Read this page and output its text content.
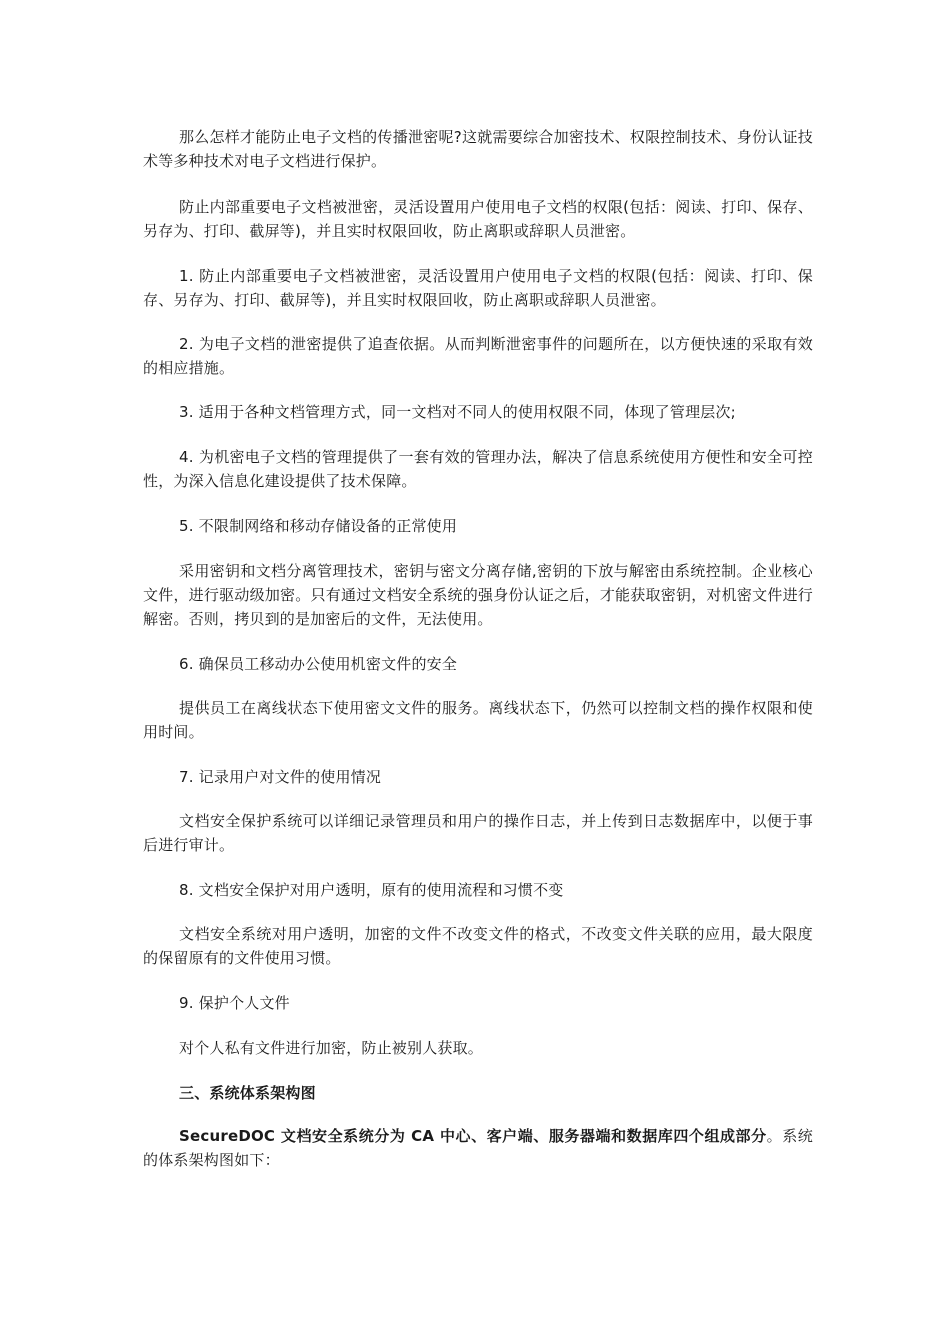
那么怎样才能防止电子文档的传播泄密呢?这就需要综合加密技术、权限控制技术、身份认证技术等多种技术对电子文档进行保护。

防止内部重要电子文档被泄密，灵活设置用户使用电子文档的权限(包括：阅读、打印、保存、另存为、打印、截屏等)，并且实时权限回收，防止离职或辞职人员泄密。

1. 防止内部重要电子文档被泄密，灵活设置用户使用电子文档的权限(包括：阅读、打印、保存、另存为、打印、截屏等)，并且实时权限回收，防止离职或辞职人员泄密。

2. 为电子文档的泄密提供了追查依据。从而判断泄密事件的问题所在，以方便快速的采取有效的相应措施。

3. 适用于各种文档管理方式，同一文档对不同人的使用权限不同，体现了管理层次;

4. 为机密电子文档的管理提供了一套有效的管理办法，解决了信息系统使用方便性和安全可控性，为深入信息化建设提供了技术保障。

5. 不限制网络和移动存储设备的正常使用

采用密钥和文档分离管理技术，密钥与密文分离存储,密钥的下放与解密由系统控制。企业核心文件，进行驱动级加密。只有通过文档安全系统的强身份认证之后，才能获取密钥，对机密文件进行解密。否则，拷贝到的是加密后的文件，无法使用。

6. 确保员工移动办公使用机密文件的安全

提供员工在离线状态下使用密文文件的服务。离线状态下，仍然可以控制文档的操作权限和使用时间。

7. 记录用户对文件的使用情况

文档安全保护系统可以详细记录管理员和用户的操作日志，并上传到日志数据库中，以便于事后进行审计。

8. 文档安全保护对用户透明，原有的使用流程和习惯不变

文档安全系统对用户透明，加密的文件不改变文件的格式，不改变文件关联的应用，最大限度的保留原有的文件使用习惯。

9. 保护个人文件

对个人私有文件进行加密，防止被别人获取。

三、系统体系架构图

SecureDOC 文档安全系统分为 CA 中心、客户端、服务器端和数据库四个组成部分。系统的体系架构图如下：
